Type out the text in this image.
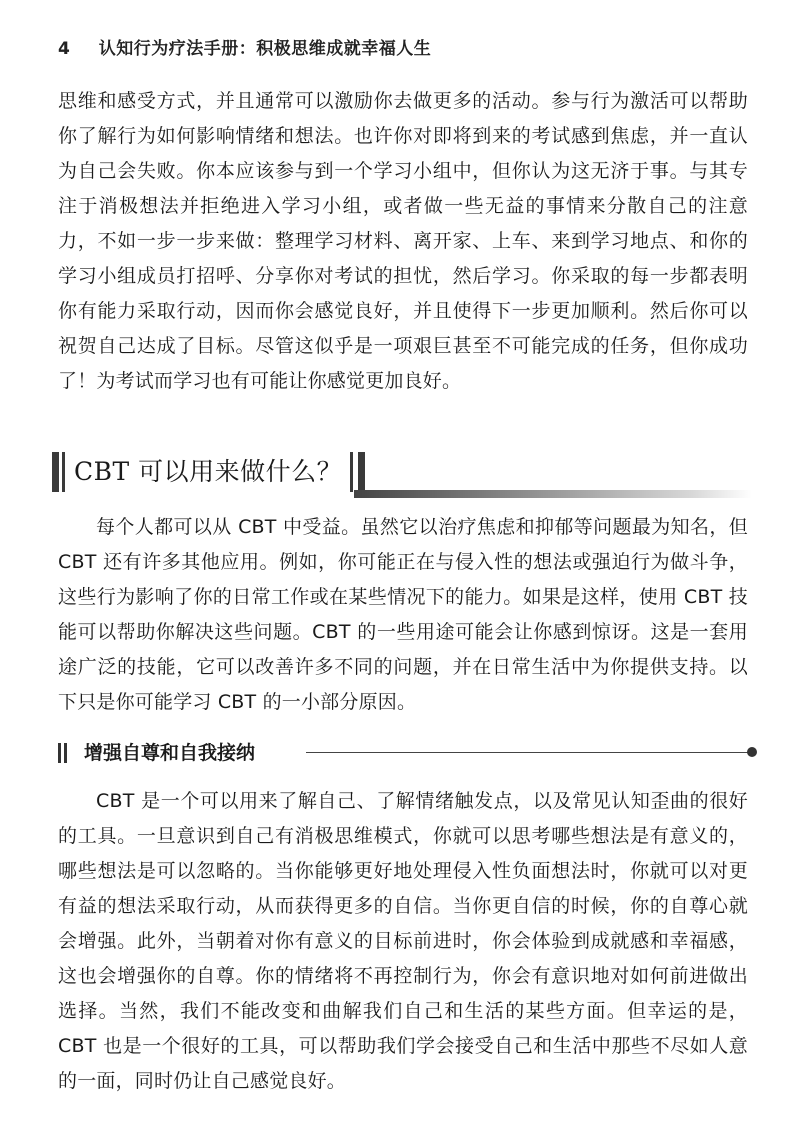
4 认知行为疗法手册：积极思维成就幸福人生

思维和感受方式，并且通常可以激励你去做更多的活动。参与行为激活可以帮助你了解行为如何影响情绪和想法。也许你对即将到来的考试感到焦虑，并一直认为自己会失败。你本应该参与到一个学习小组中，但你认为这无济于事。与其专注于消极想法并拒绝进入学习小组，或者做一些无益的事情来分散自己的注意力，不如一步一步来做：整理学习材料、离开家、上车、来到学习地点、和你的学习小组成员打招呼、分享你对考试的担忧，然后学习。你采取的每一步都表明你有能力采取行动，因而你会感觉良好，并且使得下一步更加顺利。然后你可以祝贺自己达成了目标。尽管这似乎是一项艰巨甚至不可能完成的任务，但你成功了！为考试而学习也有可能让你感觉更加良好。

CBT 可以用来做什么？

每个人都可以从 CBT 中受益。虽然它以治疗焦虑和抑郁等问题最为知名，但 CBT 还有许多其他应用。例如，你可能正在与侵入性的想法或强迫行为做斗争，这些行为影响了你的日常工作或在某些情况下的能力。如果是这样，使用 CBT 技能可以帮助你解决这些问题。CBT 的一些用途可能会让你感到惊讶。这是一套用途广泛的技能，它可以改善许多不同的问题，并在日常生活中为你提供支持。以下只是你可能学习 CBT 的一小部分原因。

增强自尊和自我接纳

CBT 是一个可以用来了解自己、了解情绪触发点，以及常见认知歪曲的很好的工具。一旦意识到自己有消极思维模式，你就可以思考哪些想法是有意义的，哪些想法是可以忽略的。当你能够更好地处理侵入性负面想法时，你就可以对更有益的想法采取行动，从而获得更多的自信。当你更自信的时候，你的自尊心就会增强。此外，当朝着对你有意义的目标前进时，你会体验到成就感和幸福感，这也会增强你的自尊。你的情绪将不再控制行为，你会有意识地对如何前进做出选择。当然，我们不能改变和曲解我们自己和生活的某些方面。但幸运的是，CBT 也是一个很好的工具，可以帮助我们学会接受自己和生活中那些不尽如人意的一面，同时仍让自己感觉良好。
